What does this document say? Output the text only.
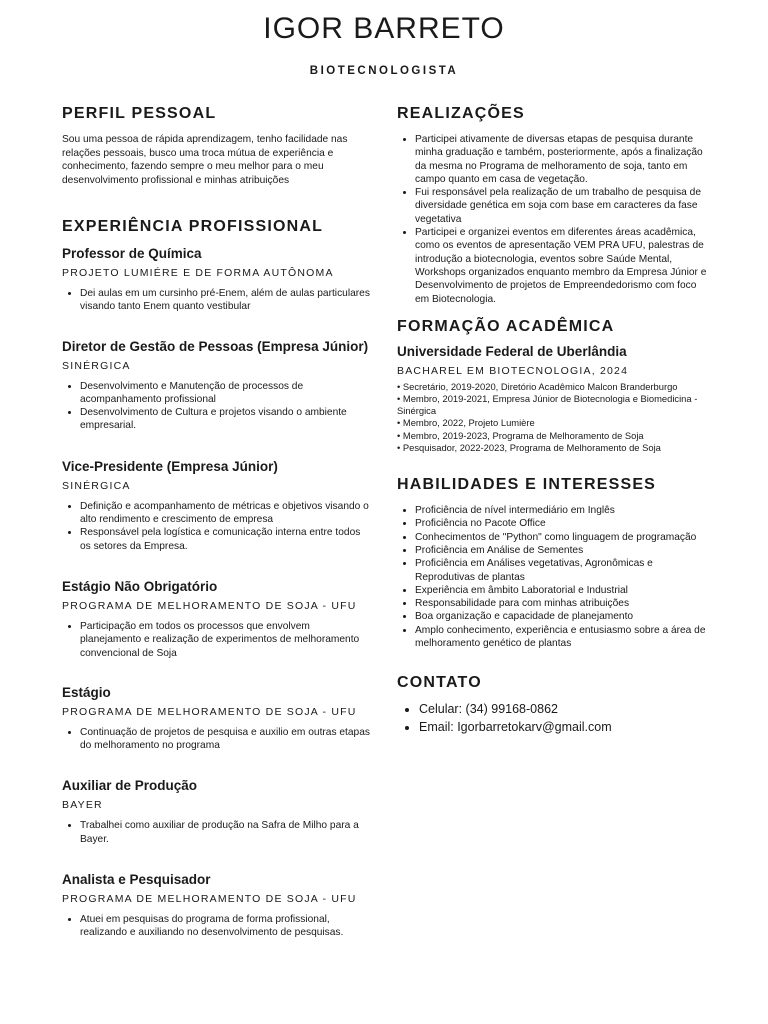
IGOR BARRETO
BIOTECNOLOGISTA
PERFIL PESSOAL

Sou uma pessoa de rápida aprendizagem, tenho facilidade nas relações pessoais, busco uma troca mútua de experiência e conhecimento, fazendo sempre o meu melhor para o meu desenvolvimento profissional e minhas atribuições

EXPERIÊNCIA PROFISSIONAL
Professor de Química
PROJETO LUMIÉRE E DE FORMA AUTÔNOMA
• Dei aulas em um cursinho pré-Enem, além de aulas particulares visando tanto Enem quanto vestibular
Diretor de Gestão de Pessoas (Empresa Júnior)
SINÉRGICA
• Desenvolvimento e Manutenção de processos de acompanhamento profissional
• Desenvolvimento de Cultura e projetos visando o ambiente empresarial.
Vice-Presidente (Empresa Júnior)
SINÉRGICA
• Definição e acompanhamento de métricas e objetivos visando o alto rendimento e crescimento de empresa
• Responsável pela logística e comunicação interna entre todos os setores da Empresa.
Estágio Não Obrigatório
PROGRAMA DE MELHORAMENTO DE SOJA - UFU
• Participação em todos os processos que envolvem planejamento e realização de experimentos de melhoramento convencional de Soja
Estágio
PROGRAMA DE MELHORAMENTO DE SOJA - UFU
• Continuação de projetos de pesquisa e auxilio em outras etapas do melhoramento no programa
Auxiliar de Produção
BAYER
• Trabalhei como auxiliar de produção na Safra de Milho para a Bayer.
Analista e Pesquisador
PROGRAMA DE MELHORAMENTO DE SOJA - UFU
• Atuei em pesquisas do programa de forma profissional, realizando e auxiliando no desenvolvimento de pesquisas.
REALIZAÇÕES
• Participei ativamente de diversas etapas de pesquisa durante minha graduação e também, posteriormente, após a finalização da mesma no Programa de melhoramento de soja, tanto em campo quanto em casa de vegetação.
• Fui responsável pela realização de um trabalho de pesquisa de diversidade genética em soja com base em caracteres da fase vegetativa
• Participei e organizei eventos em diferentes áreas acadêmica, como os eventos de apresentação VEM PRA UFU, palestras de introdução a biotecnologia, eventos sobre Saúde Mental, Workshops organizados enquanto membro da Empresa Júnior e Desenvolvimento de projetos de Empreendedorismo com foco em Biotecnologia.
FORMAÇÃO ACADÊMICA
Universidade Federal de Uberlândia
BACHAREL EM BIOTECNOLOGIA, 2024
• Secretário, 2019-2020, Diretório Acadêmico Malcon Branderburgo
• Membro, 2019-2021, Empresa Júnior de Biotecnologia e Biomedicina - Sinérgica
• Membro, 2022, Projeto Lumière
• Membro, 2019-2023, Programa de Melhoramento de Soja
• Pesquisador, 2022-2023, Programa de Melhoramento de Soja
HABILIDADES E INTERESSES
• Proficiência de nível intermediário em Inglês
• Proficiência no Pacote Office
• Conhecimentos de "Python" como linguagem de programação
• Proficiência em Análise de Sementes
• Proficiência em Análises vegetativas, Agronômicas e Reprodutivas de plantas
• Experiência em âmbito Laboratorial e Industrial
• Responsabilidade para com minhas atribuições
• Boa organização e capacidade de planejamento
• Amplo conhecimento, experiência e entusiasmo sobre a área de melhoramento genético de plantas
CONTATO
• Celular: (34) 99168-0862
• Email: Igorbarretokarv@gmail.com
